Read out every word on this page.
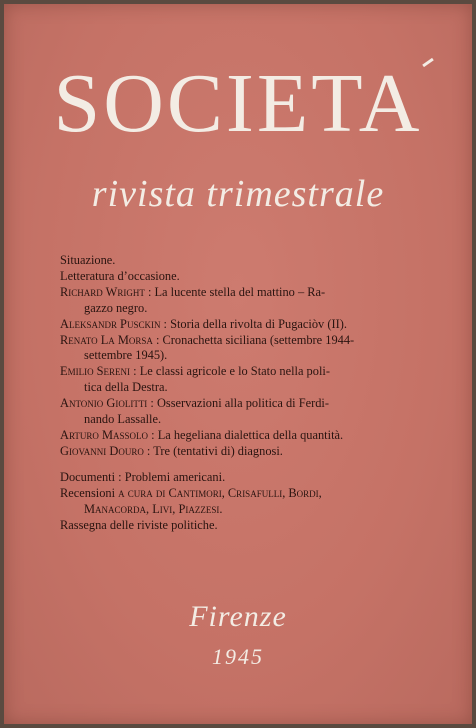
SOCIETA
rivista trimestrale

Situazione.

Letteratura d’occasione.

Richard Wright : La lucente stella del mattino – Ra-

gazzo negro.

Aleksandr Pusckin : Storia della rivolta di Pugaciòv (II).

Renato La Morsa : Cronachetta siciliana (settembre 1944-

settembre 1945).

Emilio Sereni : Le classi agricole e lo Stato nella poli-

tica della Destra.

Antonio Giolitti : Osservazioni alla politica di Ferdi-

nando Lassalle.

Arturo Massolo : La hegeliana dialettica della quantità.

Giovanni Douro : Tre (tentativi di) diagnosi.

Documenti : Problemi americani.

Recensioni a cura di Cantimori, Crisafulli, Bordi,

Manacorda, Livi, Piazzesi.

Rassegna delle riviste politiche.

Firenze
1945
